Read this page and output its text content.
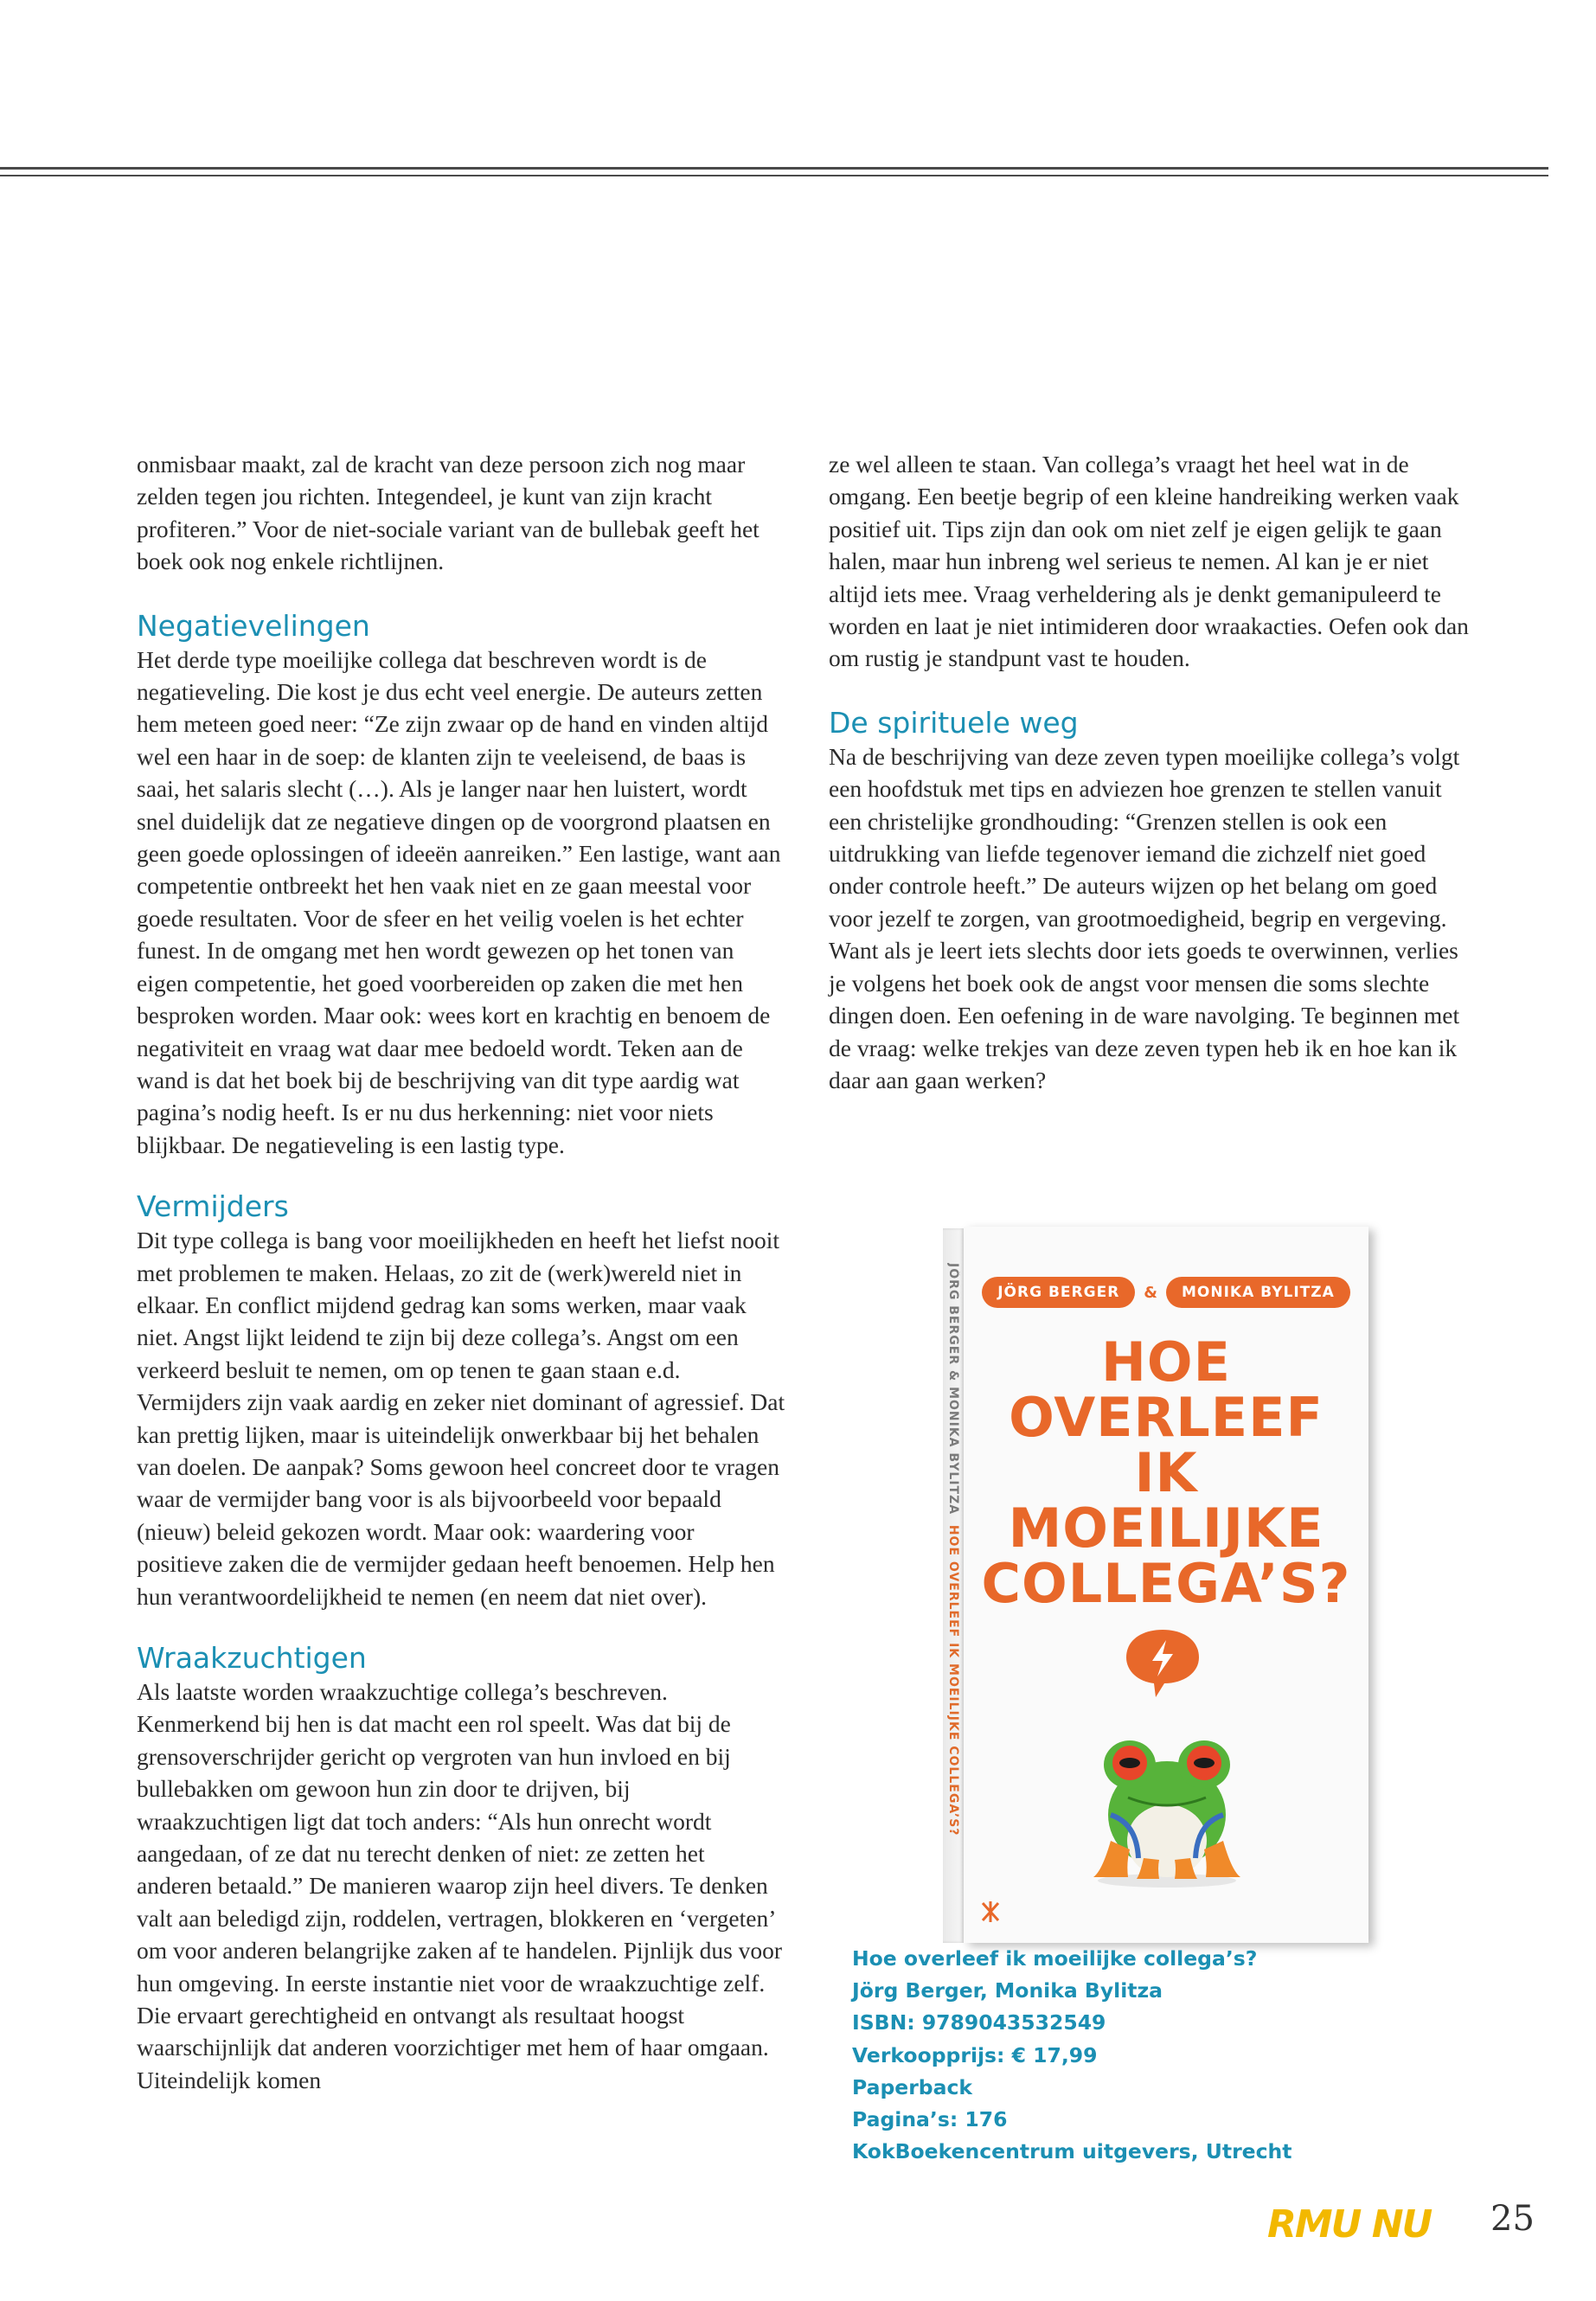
onmisbaar maakt, zal de kracht van deze persoon zich nog maar zelden tegen jou richten. Integendeel, je kunt van zijn kracht profiteren.” Voor de niet-sociale variant van de bullebak geeft het boek ook nog enkele richtlijnen.

Negatievelingen

Het derde type moeilijke collega dat beschreven wordt is de negatieveling. Die kost je dus echt veel energie. De auteurs zetten hem meteen goed neer: “Ze zijn zwaar op de hand en vinden altijd wel een haar in de soep: de klanten zijn te veeleisend, de baas is saai, het salaris slecht (…). Als je langer naar hen luistert, wordt snel duidelijk dat ze negatieve dingen op de voorgrond plaatsen en geen goede oplossingen of ideeën aanreiken.” Een lastige, want aan competentie ontbreekt het hen vaak niet en ze gaan meestal voor goede resultaten. Voor de sfeer en het veilig voelen is het echter funest. In de omgang met hen wordt gewezen op het tonen van eigen competentie, het goed voorbereiden op zaken die met hen besproken worden. Maar ook: wees kort en krachtig en benoem de negativiteit en vraag wat daar mee bedoeld wordt. Teken aan de wand is dat het boek bij de beschrijving van dit type aardig wat pagina’s nodig heeft. Is er nu dus herkenning: niet voor niets blijkbaar. De negatieveling is een lastig type.

Vermijders

Dit type collega is bang voor moeilijkheden en heeft het liefst nooit met problemen te maken. Helaas, zo zit de (werk)wereld niet in elkaar. En conflict mijdend gedrag kan soms werken, maar vaak niet. Angst lijkt leidend te zijn bij deze collega’s. Angst om een verkeerd besluit te nemen, om op tenen te gaan staan e.d. Vermijders zijn vaak aardig en zeker niet dominant of agressief. Dat kan prettig lijken, maar is uiteindelijk onwerkbaar bij het behalen van doelen. De aanpak? Soms gewoon heel concreet door te vragen waar de vermijder bang voor is als bijvoorbeeld voor bepaald (nieuw) beleid gekozen wordt. Maar ook: waardering voor positieve zaken die de vermijder gedaan heeft benoemen. Help hen hun verantwoordelijkheid te nemen (en neem dat niet over).

Wraakzuchtigen

Als laatste worden wraakzuchtige collega’s beschreven. Kenmerkend bij hen is dat macht een rol speelt. Was dat bij de grensoverschrijder gericht op vergroten van hun invloed en bij bullebakken om gewoon hun zin door te drijven, bij wraakzuchtigen ligt dat toch anders: “Als hun onrecht wordt aangedaan, of ze dat nu terecht denken of niet: ze zetten het anderen betaald.” De manieren waarop zijn heel divers. Te denken valt aan beledigd zijn, roddelen, vertragen, blokkeren en ‘vergeten’ om voor anderen belangrijke zaken af te handelen. Pijnlijk dus voor hun omgeving. In eerste instantie niet voor de wraakzuchtige zelf. Die ervaart gerechtigheid en ontvangt als resultaat hoogst waarschijnlijk dat anderen voorzichtiger met hem of haar omgaan. Uiteindelijk komen

ze wel alleen te staan. Van collega’s vraagt het heel wat in de omgang. Een beetje begrip of een kleine handreiking werken vaak positief uit. Tips zijn dan ook om niet zelf je eigen gelijk te gaan halen, maar hun inbreng wel serieus te nemen. Al kan je er niet altijd iets mee. Vraag verheldering als je denkt gemanipuleerd te worden en laat je niet intimideren door wraakacties. Oefen ook dan om rustig je standpunt vast te houden.

De spirituele weg

Na de beschrijving van deze zeven typen moeilijke collega’s volgt een hoofdstuk met tips en adviezen hoe grenzen te stellen vanuit een christelijke grondhouding: “Grenzen stellen is ook een uitdrukking van liefde tegenover iemand die zichzelf niet goed onder controle heeft.” De auteurs wijzen op het belang om goed voor jezelf te zorgen, van grootmoedigheid, begrip en vergeving. Want als je leert iets slechts door iets goeds te overwinnen, verlies je volgens het boek ook de angst voor mensen die soms slechte dingen doen. Een oefening in de ware navolging. Te beginnen met de vraag: welke trekjes van deze zeven typen heb ik en hoe kan ik daar aan gaan werken?

JÖRG BERGER & MONIKA BYLITZA  HOE OVERLEEF IK MOEILIJKE COLLEGA’S?
JÖRG BERGER	&	MONIKA BYLITZA
HOE
OVERLEEF
IK
MOEILIJKE
COLLEGA’S?
Hoe overleef ik moeilijke collega’s?
Jörg Berger, Monika Bylitza
ISBN: 9789043532549
Verkoopprijs: € 17,99
Paperback
Pagina’s: 176
KokBoekencentrum uitgevers, Utrecht
RMU NU 25
